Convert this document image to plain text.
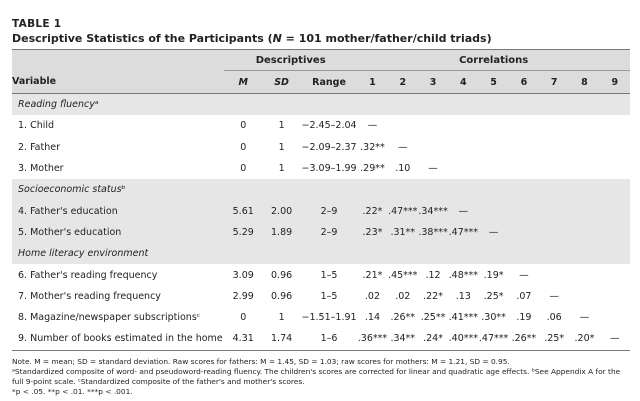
TABLE 1
Descriptive Statistics of the Participants (N = 101 mother/father/child triads)
	Descriptives			Correlations								
Variable	M	SD	Range	1	2	3	4	5	6	7	8	9
Reading fluencyᵃ												
1. Child	0	1	−2.45–2.04	—								
2. Father	0	1	−2.09–2.37	.32**	—							
3. Mother	0	1	−3.09–1.99	.29**	.10	—						
Socioeconomic statusᵇ												
4. Father's education	5.61	2.00	2–9	.22*	.47***	.34***	—					
5. Mother's education	5.29	1.89	2–9	.23*	.31**	.38***	.47***	—				
Home literacy environment												
6. Father's reading frequency	3.09	0.96	1–5	.21*	.45***	.12	.48***	.19*	—			
7. Mother's reading frequency	2.99	0.96	1–5	.02	.02	.22*	.13	.25*	.07	—		
8. Magazine/newspaper subscriptionsᶜ	0	1	−1.51–1.91	.14	.26**	.25**	.41***	.30**	.19	.06	—	
9. Number of books estimated in the home	4.31	1.74	1–6	.36***	.34**	.24*	.40***	.47***	.26**	.25*	.20*	—
Note. M = mean; SD = standard deviation. Raw scores for fathers: M = 1.45, SD = 1.03; raw scores for mothers: M = 1.21, SD = 0.95.
ᵃStandardized composite of word- and pseudoword-reading fluency. The children's scores are corrected for linear and quadratic age effects. ᵇSee Appendix A for the full 9-point scale. ᶜStandardized composite of the father's and mother's scores.
*p < .05. **p < .01. ***p < .001.
